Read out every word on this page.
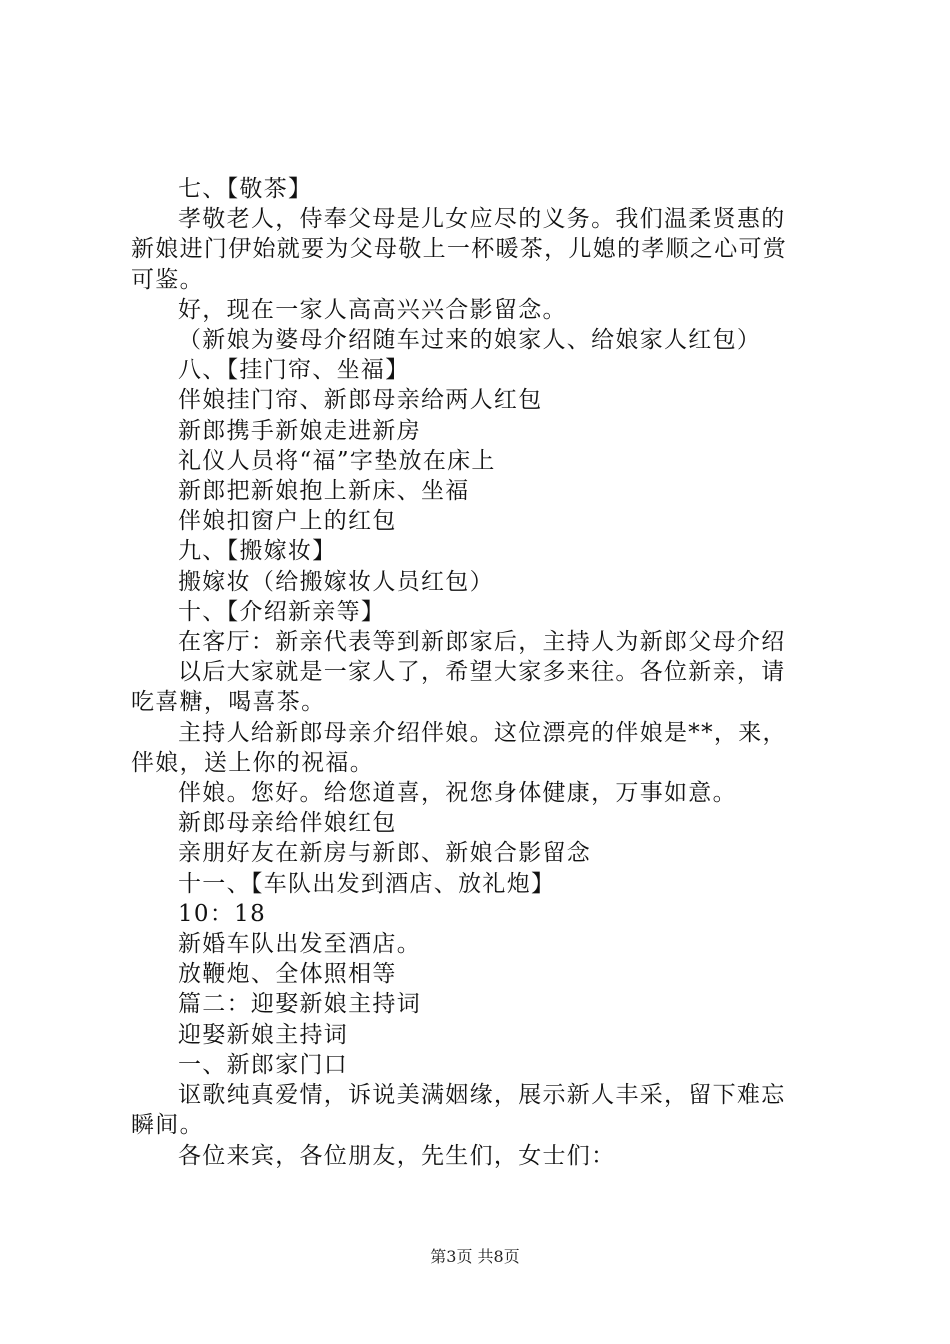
七、【敬茶】
孝敬老人，侍奉父母是儿女应尽的义务。我们温柔贤惠的
新娘进门伊始就要为父母敬上一杯暖茶，儿媳的孝顺之心可赏
可鉴。
好，现在一家人高高兴兴合影留念。
（新娘为婆母介绍随车过来的娘家人、给娘家人红包）
八、【挂门帘、坐福】
伴娘挂门帘、新郎母亲给两人红包
新郎携手新娘走进新房
礼仪人员将“福”字垫放在床上
新郎把新娘抱上新床、坐福
伴娘扣窗户上的红包
九、【搬嫁妆】
搬嫁妆（给搬嫁妆人员红包）
十、【介绍新亲等】
在客厅：新亲代表等到新郎家后，主持人为新郎父母介绍
以后大家就是一家人了，希望大家多来往。各位新亲，请
吃喜糖，喝喜茶。
主持人给新郎母亲介绍伴娘。这位漂亮的伴娘是**，来，
伴娘，送上你的祝福。
伴娘。您好。给您道喜，祝您身体健康，万事如意。
新郎母亲给伴娘红包
亲朋好友在新房与新郎、新娘合影留念
十一、【车队出发到酒店、放礼炮】
10：18
新婚车队出发至酒店。
放鞭炮、全体照相等
篇二：迎娶新娘主持词
迎娶新娘主持词
一、新郎家门口
讴歌纯真爱情，诉说美满姻缘，展示新人丰采，留下难忘
瞬间。
各位来宾，各位朋友，先生们，女士们：
第3页 共8页
